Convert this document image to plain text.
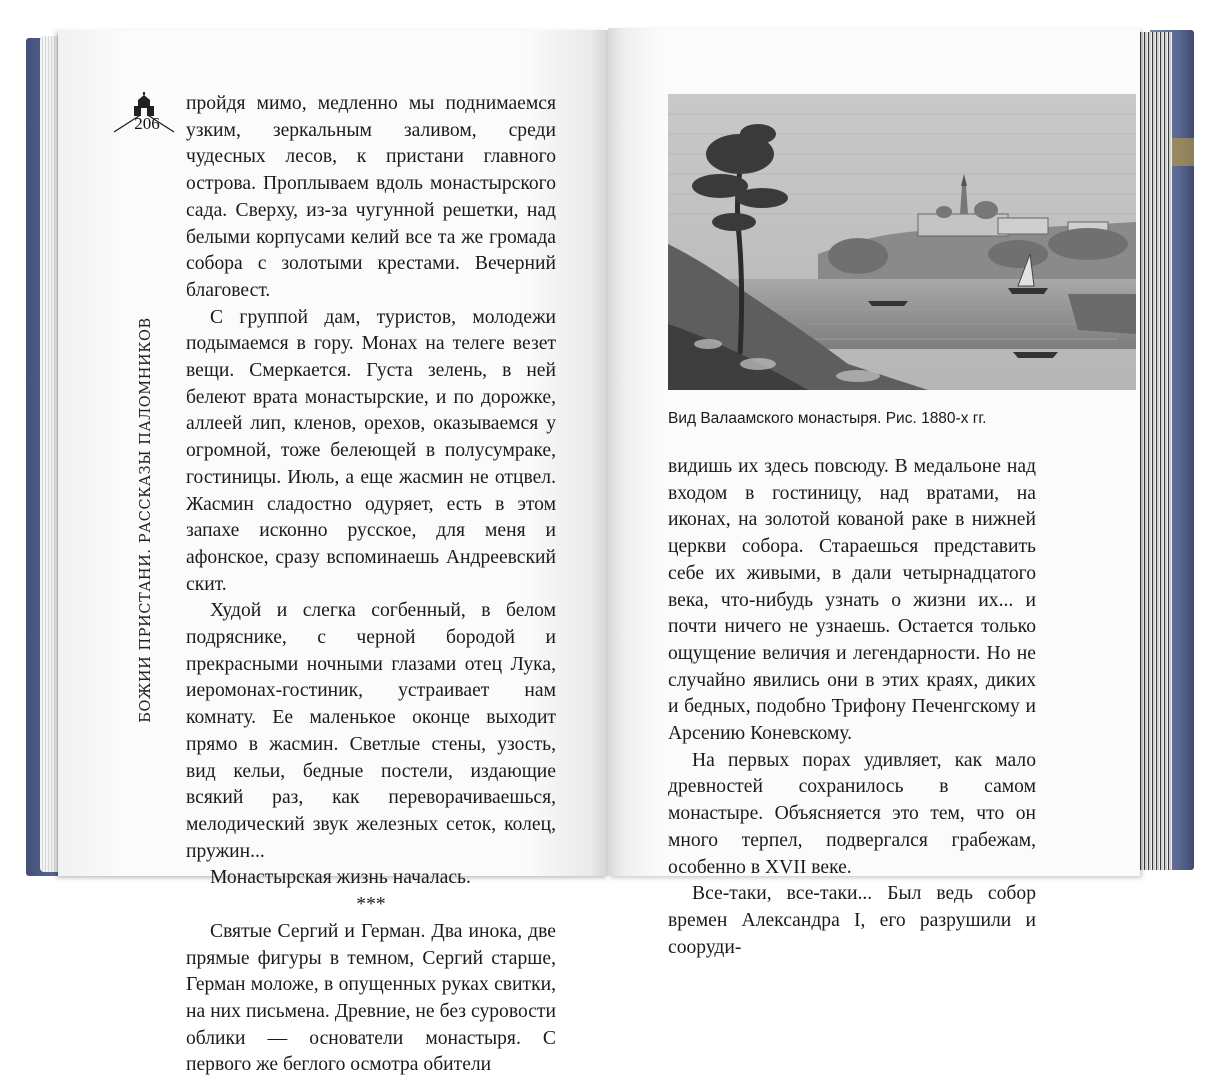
206
БОЖИИ ПРИСТАНИ. РАССКАЗЫ ПАЛОМНИКОВ

пройдя мимо, медленно мы поднимаемся узким, зеркальным заливом, среди чудесных лесов, к пристани главного острова. Проплываем вдоль монастырского сада. Сверху, из-за чугунной решетки, над белыми корпусами келий все та же громада собора с золотыми крестами. Вечерний благовест.

С группой дам, туристов, молодежи подымаемся в гору. Монах на телеге везет вещи. Смеркается. Густа зелень, в ней белеют врата монастырские, и по дорожке, аллеей лип, кленов, орехов, оказываемся у огромной, тоже белеющей в полусумраке, гостиницы. Июль, а еще жасмин не отцвел. Жасмин сладостно одуряет, есть в этом запахе исконно русское, для меня и афонское, сразу вспоминаешь Андреевский скит.

Худой и слегка согбенный, в белом подряснике, с черной бородой и прекрасными ночными глазами отец Лука, иеромонах-гостиник, устраивает нам комнату. Ее маленькое оконце выходит прямо в жасмин. Светлые стены, узость, вид кельи, бедные постели, издающие всякий раз, как переворачиваешься, мелодический звук железных сеток, колец, пружин...

Монастырская жизнь началась.

***

Святые Сергий и Герман. Два инока, две прямые фигуры в темном, Сергий старше, Герман моложе, в опущенных руках свитки, на них письмена. Древние, не без суровости облики — основатели монастыря. С первого же беглого осмотра обители

Вид Валаамского монастыря. Рис. 1880-х гг.

видишь их здесь повсюду. В медальоне над входом в гостиницу, над вратами, на иконах, на золотой кованой раке в нижней церкви собора. Стараешься представить себе их живыми, в дали четырнадцатого века, что-нибудь узнать о жизни их... и почти ничего не узнаешь. Остается только ощущение величия и легендарности. Но не случайно явились они в этих краях, диких и бедных, подобно Трифону Печенгскому и Арсению Коневскому.

На первых порах удивляет, как мало древностей сохранилось в самом монастыре. Объясняется это тем, что он много терпел, подвергался грабежам, особенно в XVII веке.

Все-таки, все-таки... Был ведь собор времен Александра I, его разрушили и сооруди-
